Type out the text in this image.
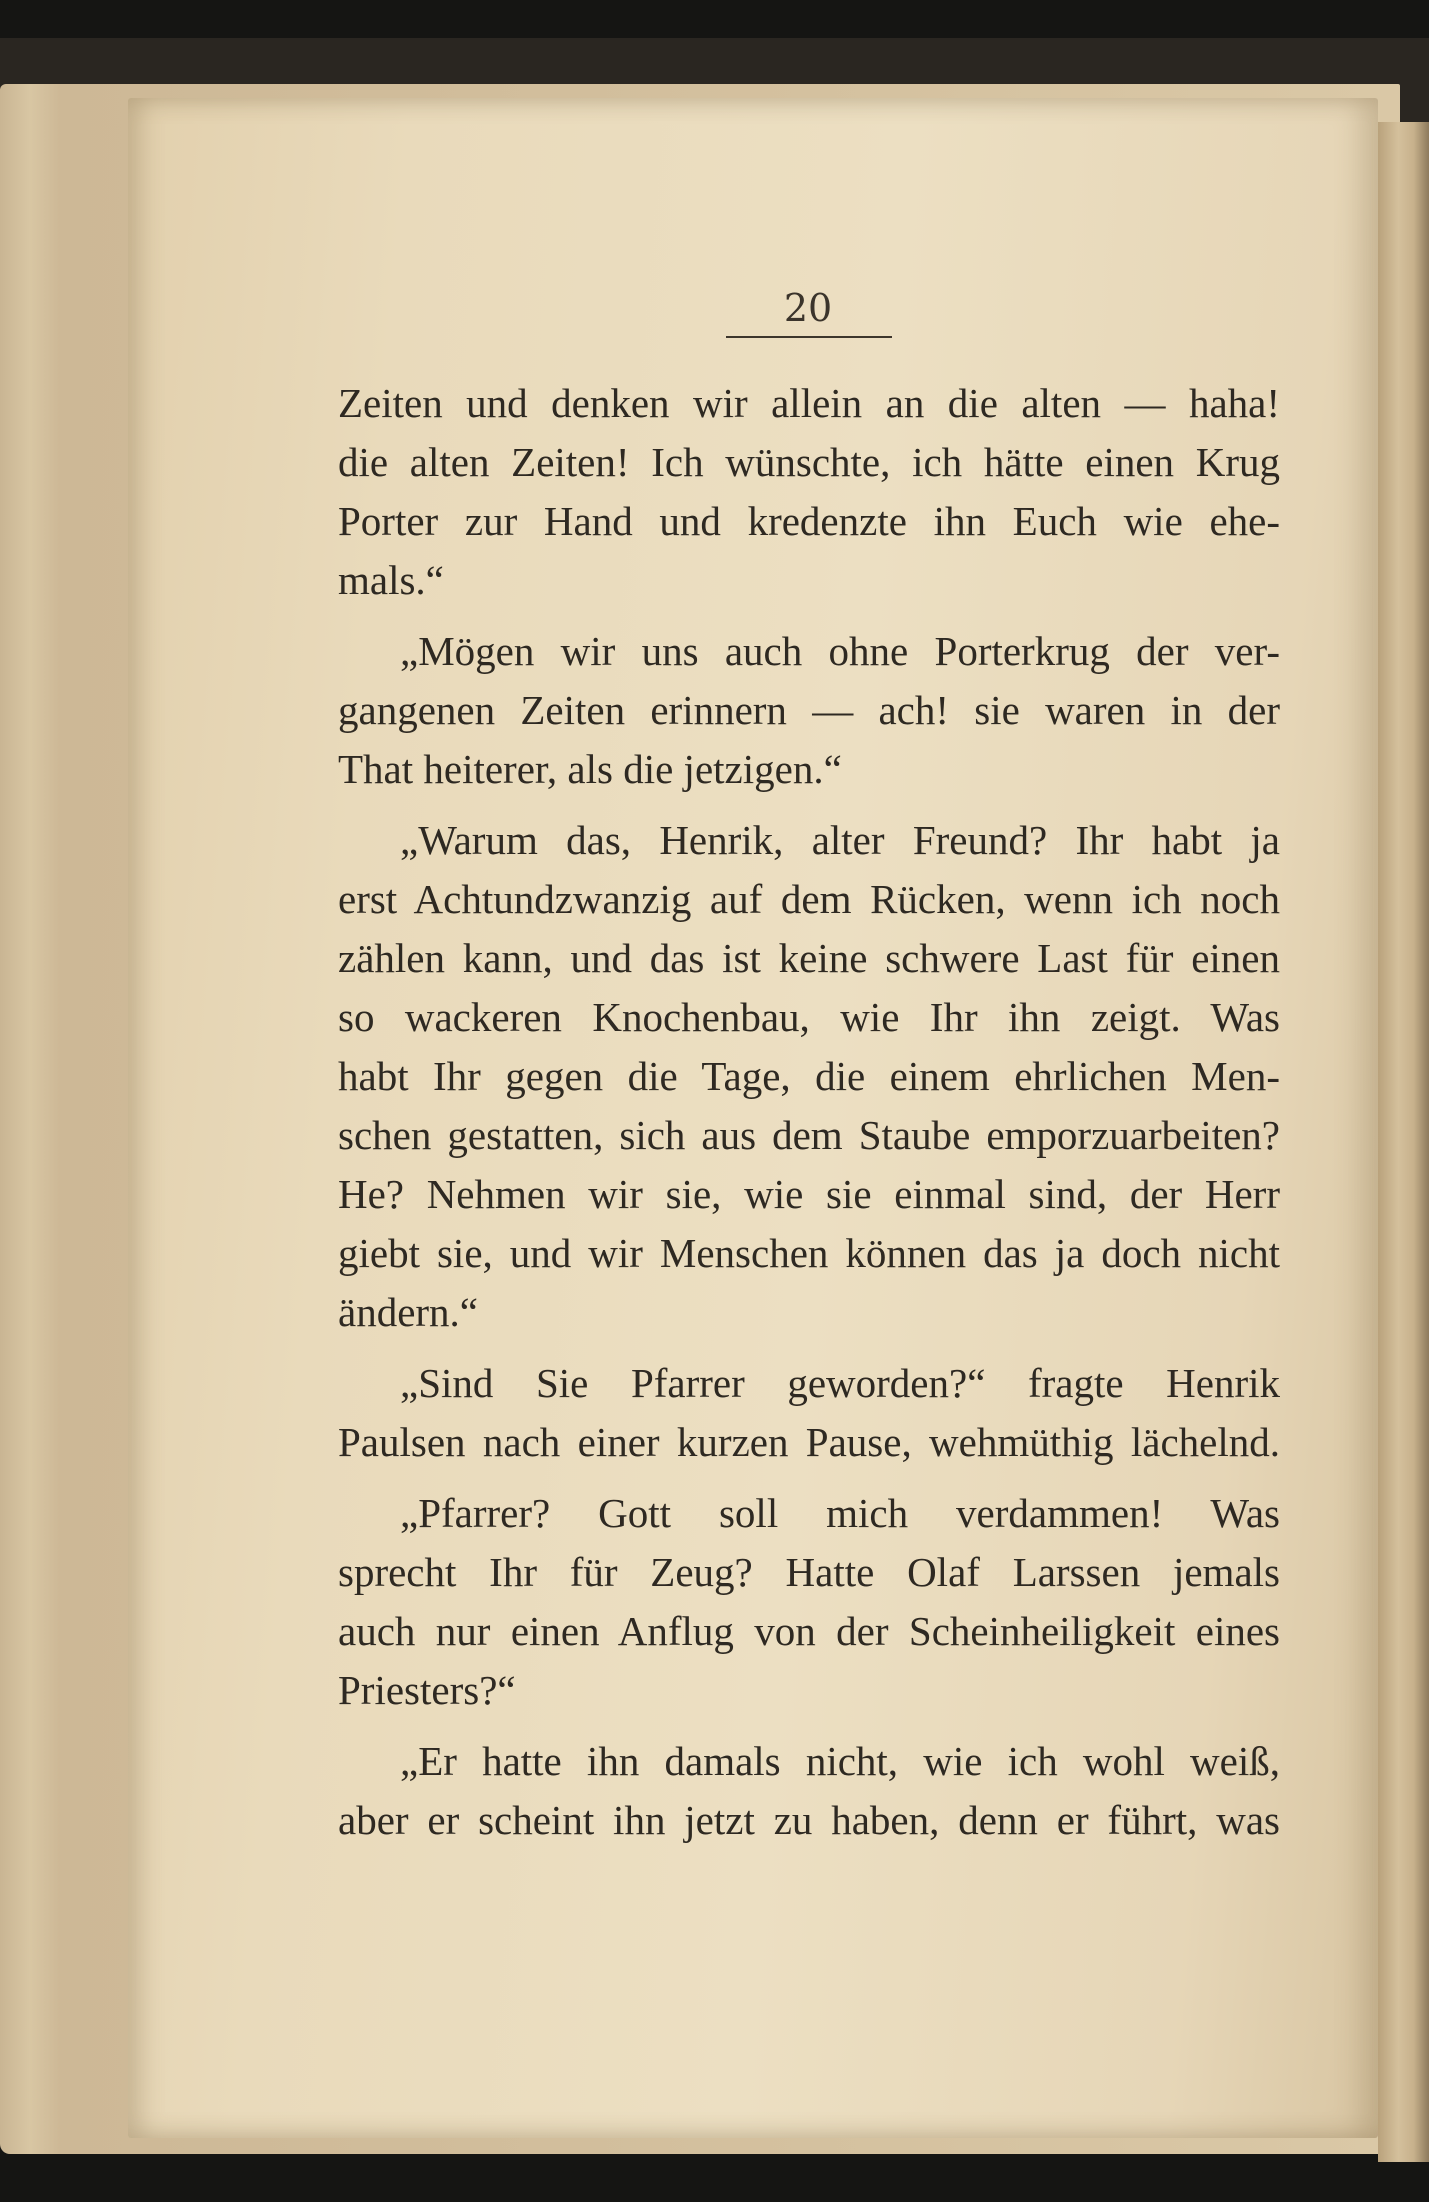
20
Zeiten und denken wir allein an die alten — haha!
die alten Zeiten! Ich wünschte, ich hätte einen Krug
Porter zur Hand und kredenzte ihn Euch wie ehe-
mals.“
„Mögen wir uns auch ohne Porterkrug der ver-
gangenen Zeiten erinnern — ach! sie waren in der
That heiterer, als die jetzigen.“
„Warum das, Henrik, alter Freund? Ihr habt ja
erst Achtundzwanzig auf dem Rücken, wenn ich noch
zählen kann, und das ist keine schwere Last für einen
so wackeren Knochenbau, wie Ihr ihn zeigt. Was
habt Ihr gegen die Tage, die einem ehrlichen Men-
schen gestatten, sich aus dem Staube emporzuarbeiten?
He? Nehmen wir sie, wie sie einmal sind, der Herr
giebt sie, und wir Menschen können das ja doch nicht
ändern.“
„Sind Sie Pfarrer geworden?“ fragte Henrik
Paulsen nach einer kurzen Pause, wehmüthig lächelnd.
„Pfarrer? Gott soll mich verdammen! Was
sprecht Ihr für Zeug? Hatte Olaf Larssen jemals
auch nur einen Anflug von der Scheinheiligkeit eines
Priesters?“
„Er hatte ihn damals nicht, wie ich wohl weiß,
aber er scheint ihn jetzt zu haben, denn er führt, was
